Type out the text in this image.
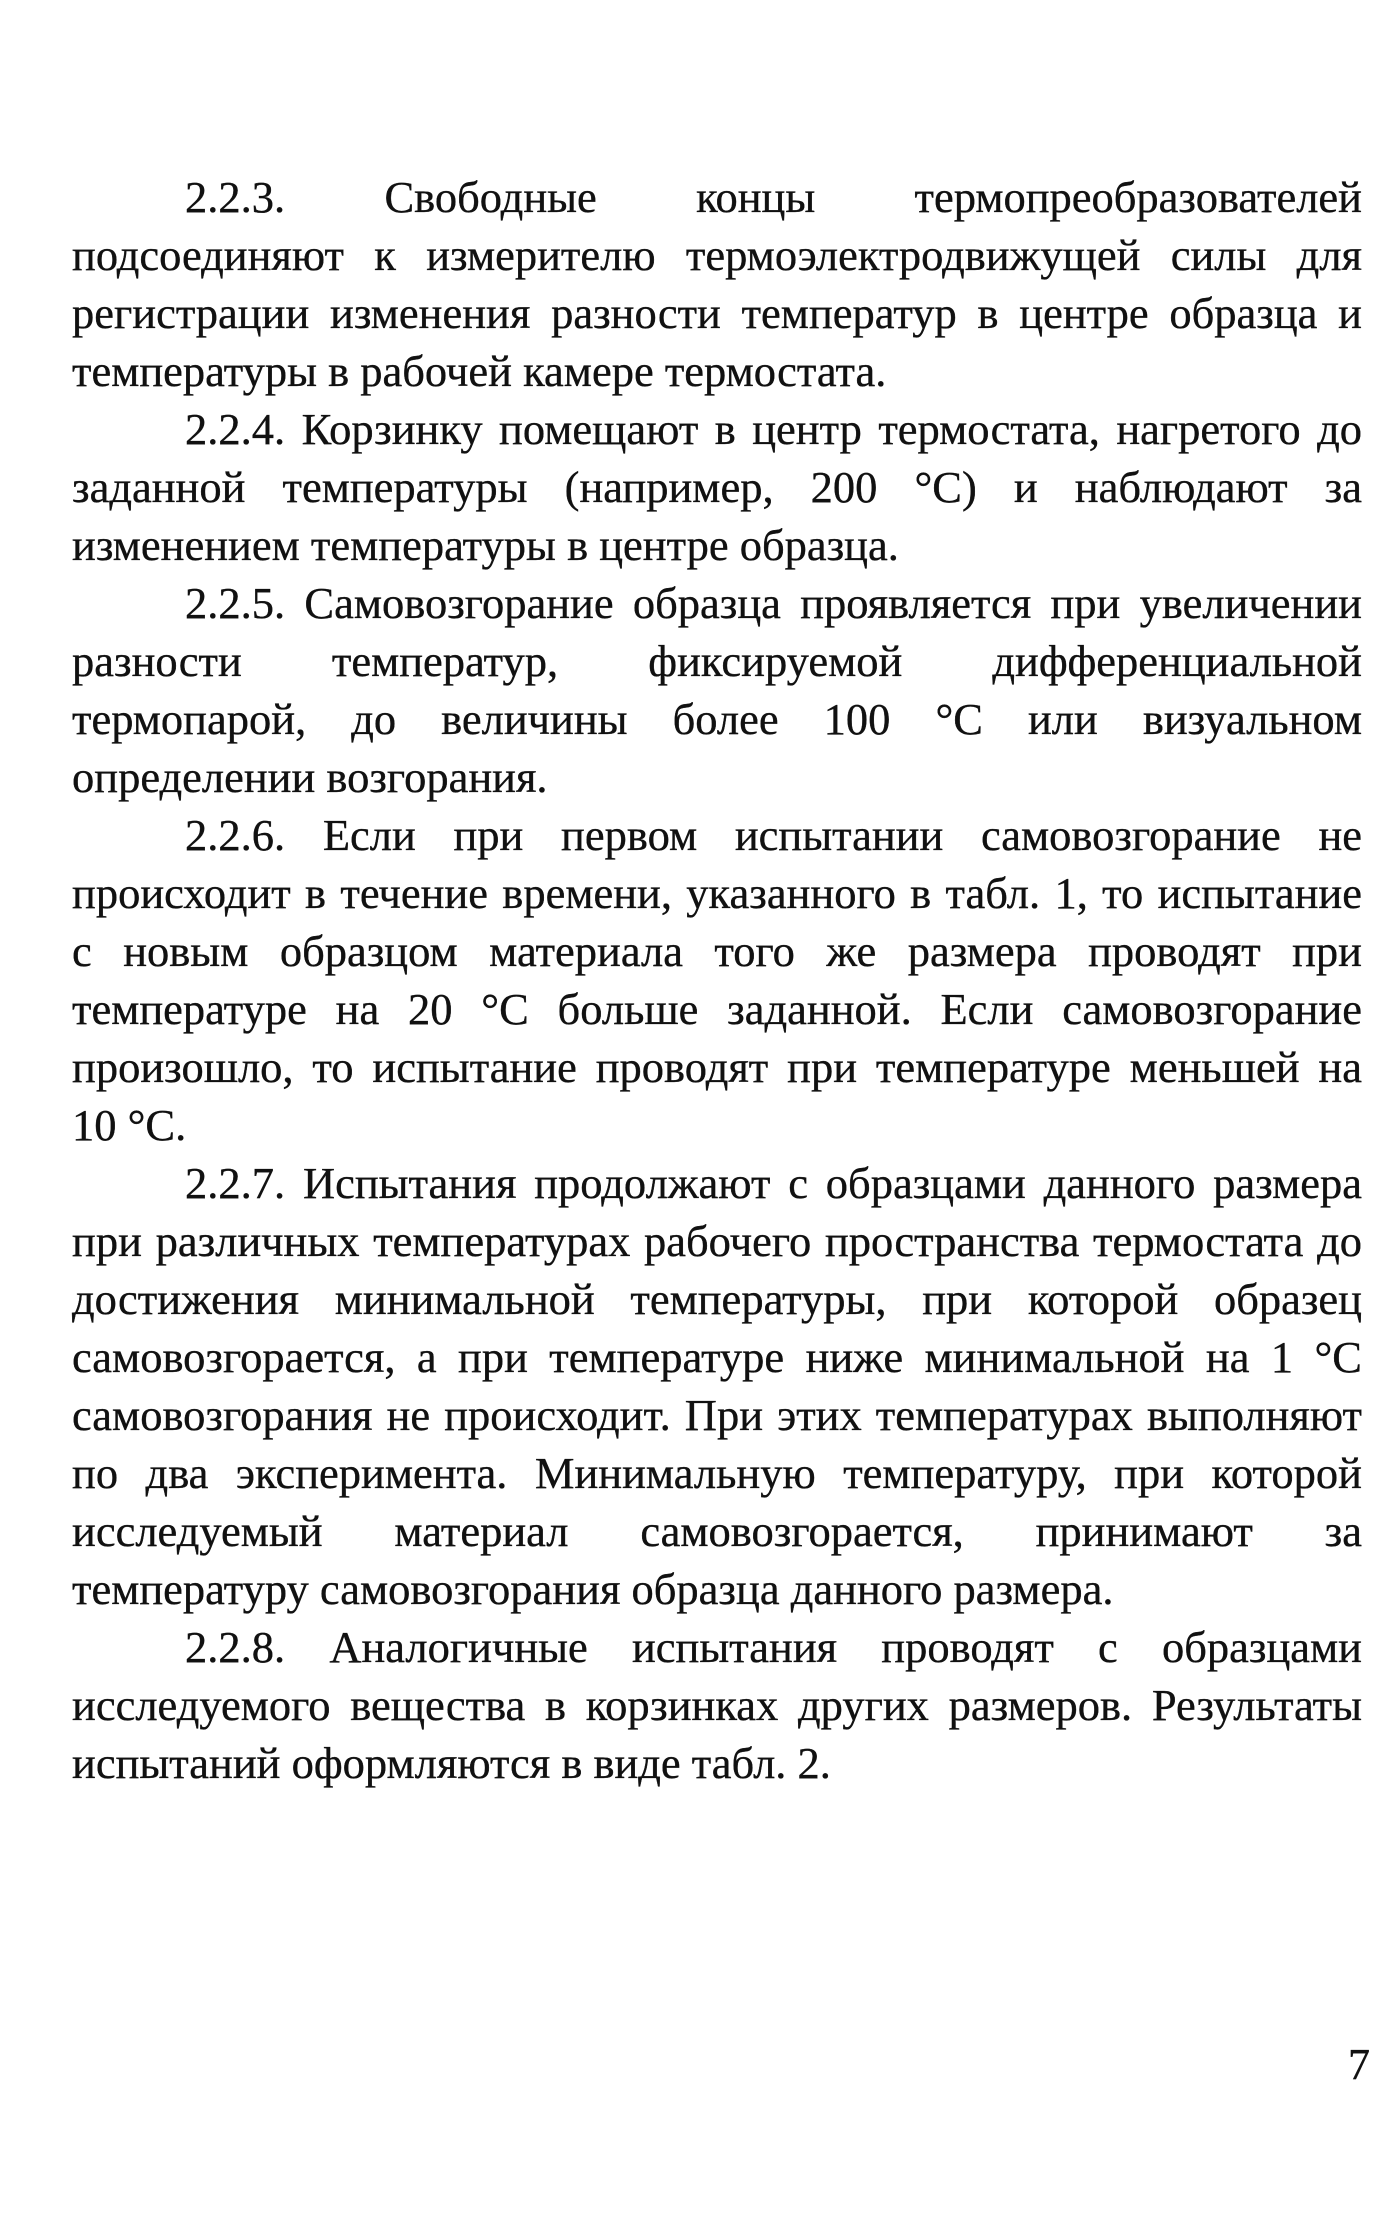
2.2.3. Свободные концы термопреобразователей подсоединяют к измерителю термоэлектродвижущей силы для регистрации изменения разности температур в центре образца и температуры в рабочей камере термостата.

2.2.4. Корзинку помещают в центр термостата, нагретого до заданной температуры (например, 200 °С) и наблюдают за изменением температуры в центре образца.

2.2.5. Самовозгорание образца проявляется при увеличении разности температур, фиксируемой дифференциальной термопарой, до величины более 100 °С или визуальном определении возгорания.

2.2.6. Если при первом испытании самовозгорание не происходит в течение времени, указанного в табл. 1, то испытание с новым образцом материала того же размера проводят при температуре на 20 °С больше заданной. Если самовозгорание произошло, то испытание проводят при температуре меньшей на 10 °С.

2.2.7. Испытания продолжают с образцами данного размера при различных температурах рабочего пространства термостата до достижения минимальной температуры, при которой образец самовозгорается, а при температуре ниже минимальной на 1 °С самовозгорания не происходит. При этих температурах выполняют по два эксперимента. Минимальную температуру, при которой исследуемый материал самовозгорается, принимают за температуру самовозгорания образца данного размера.

2.2.8. Аналогичные испытания проводят с образцами исследуемого вещества в корзинках других размеров. Результаты испытаний оформляются в виде табл. 2.

7
